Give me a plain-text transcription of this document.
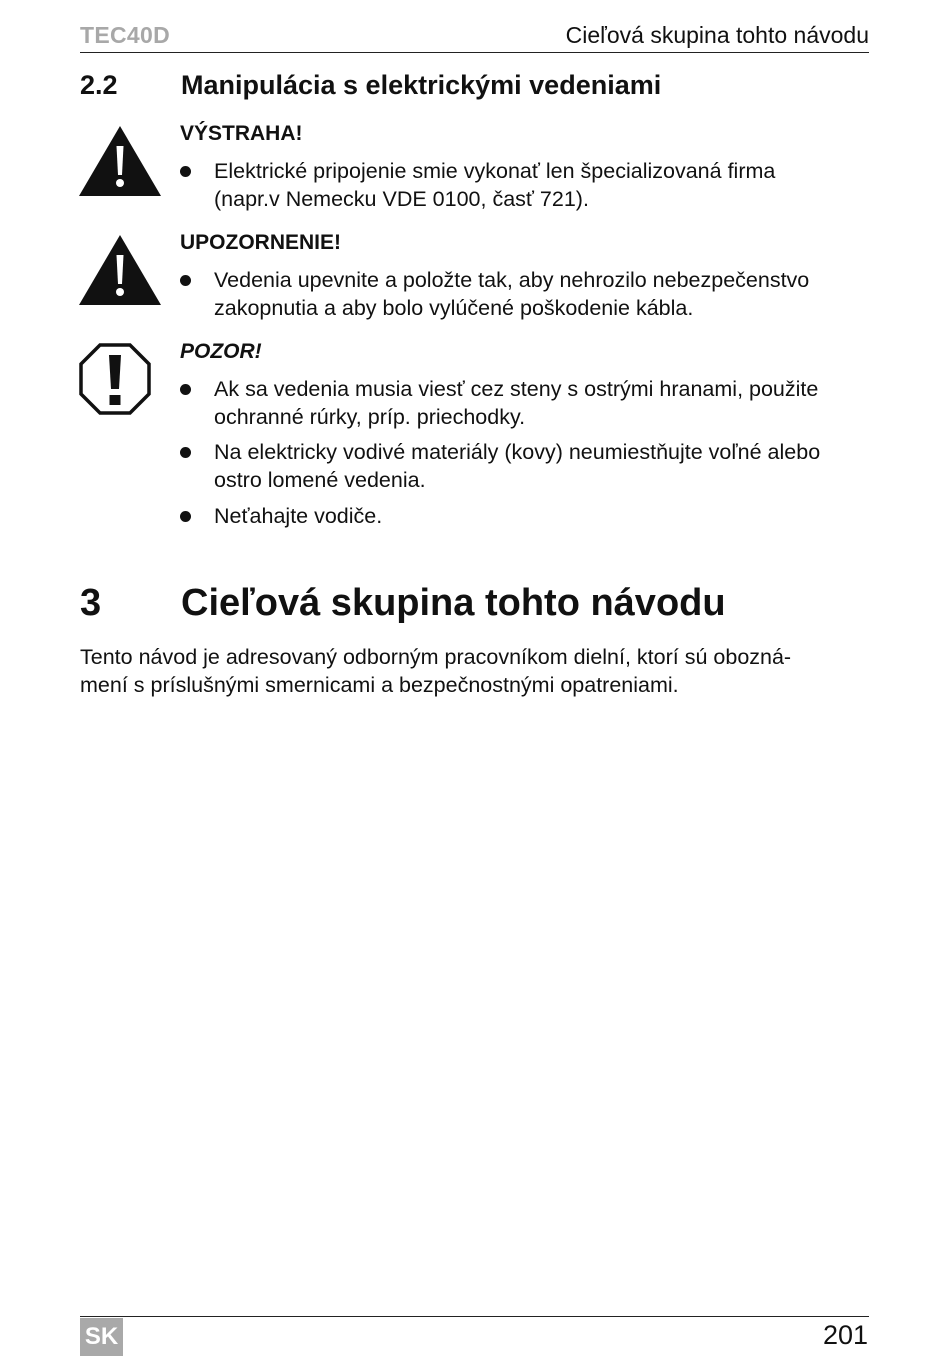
TEC40D	Cieľová skupina tohto návodu
2.2 Manipulácia s elektrickými vedeniami
VÝSTRAHA!
Elektrické pripojenie smie vykonať len špecializovaná firma
(napr.v Nemecku VDE 0100, časť 721).
UPOZORNENIE!
Vedenia upevnite a položte tak, aby nehrozilo nebezpečenstvo
zakopnutia a aby bolo vylúčené poškodenie kábla.
POZOR!
Ak sa vedenia musia viesť cez steny s ostrými hranami, použite
ochranné rúrky, príp. priechodky.
Na elektricky vodivé materiály (kovy) neumiestňujte voľné alebo
ostro lomené vedenia.
Neťahajte vodiče.
3 Cieľová skupina tohto návodu
Tento návod je adresovaný odborným pracovníkom dielní, ktorí sú obozná-
mení s príslušnými smernicami a bezpečnostnými opatreniami.
SK	201
